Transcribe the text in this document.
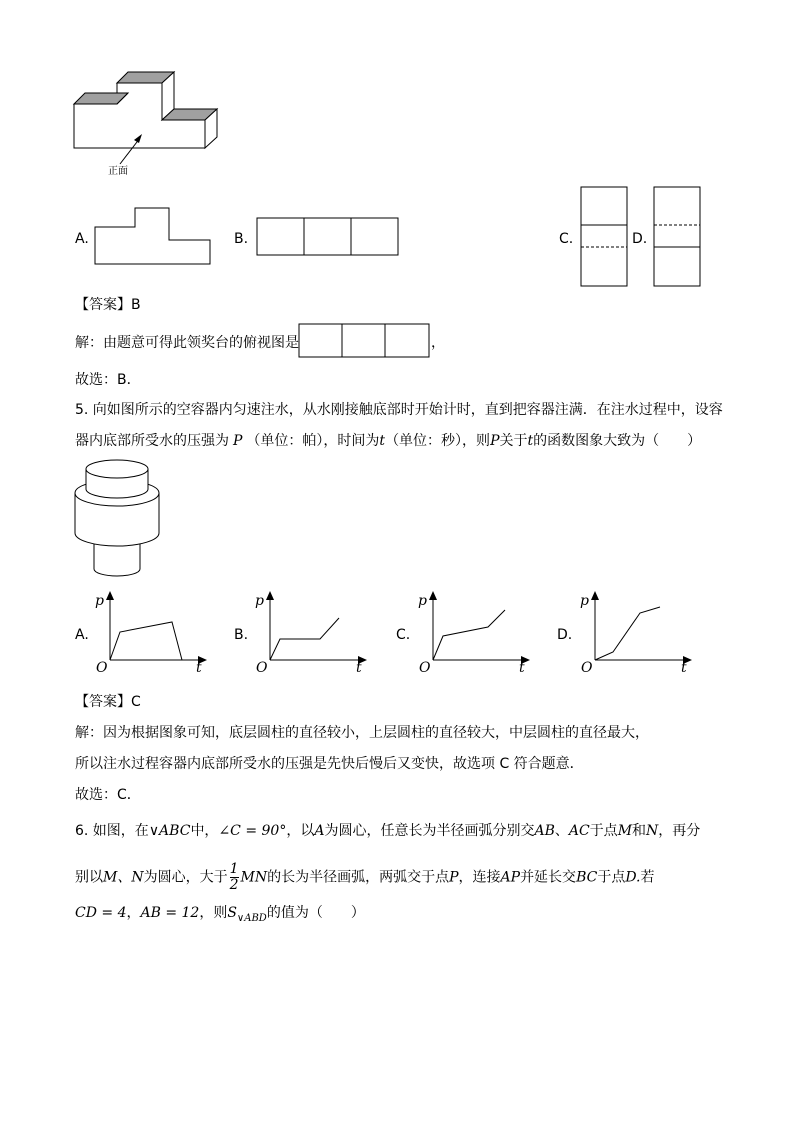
正面
A.	B.	C.	D.
【答案】B
解：由题意可得此领奖台的俯视图是	，
故选：B．
5. 向如图所示的空容器内匀速注水，从水刚接触底部时开始计时，直到把容器注满．在注水过程中，设容
器内底部所受水的压强为 P （单位：帕），时间为t（单位：秒），则P关于t的函数图象大致为（　　）
A.
p
O	t
B.
p
O	t
C.
p
O	t
D.
p
O	t
【答案】C
解：因为根据图象可知，底层圆柱的直径较小，上层圆柱的直径较大，中层圆柱的直径最大，
所以注水过程容器内底部所受水的压强是先快后慢后又变快，故选项 C 符合题意．
故选：C．
6. 如图，在∨ABC中，∠C = 90°，以A为圆心，任意长为半径画弧分别交AB、AC于点M和N，再分
别以M、N为圆心，大于 $\frac{1}{2}$ MN的长为半径画弧，两弧交于点P，连接AP并延长交BC于点D.若
CD = 4，AB = 12，则$S_{\vee ABD}$的值为（　　）
